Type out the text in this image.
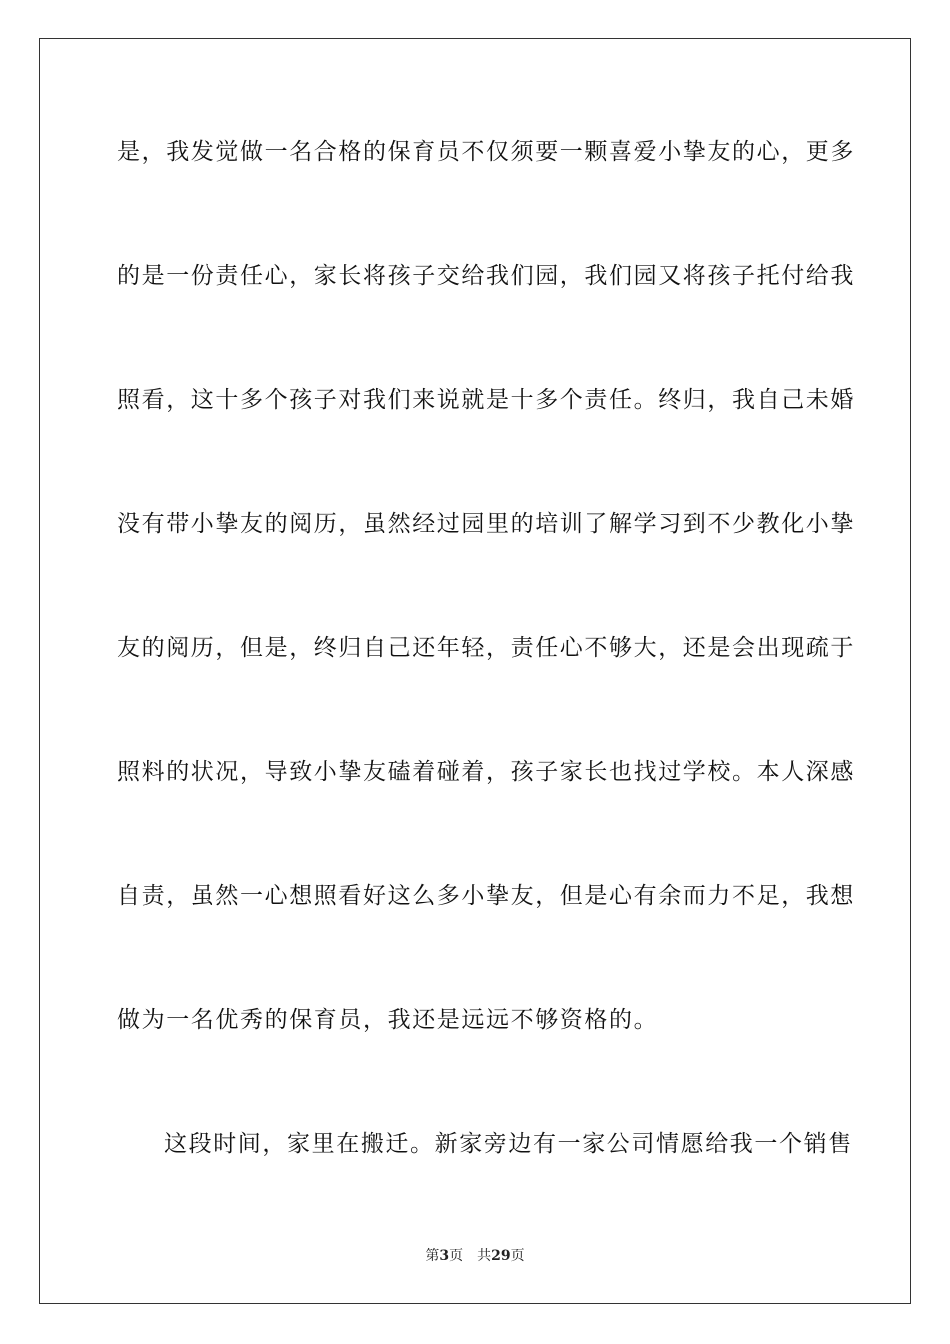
是，我发觉做一名合格的保育员不仅须要一颗喜爱小挚友的心，更多
的是一份责任心，家长将孩子交给我们园，我们园又将孩子托付给我
照看，这十多个孩子对我们来说就是十多个责任。终归，我自己未婚
没有带小挚友的阅历，虽然经过园里的培训了解学习到不少教化小挚
友的阅历，但是，终归自己还年轻，责任心不够大，还是会出现疏于
照料的状况，导致小挚友磕着碰着，孩子家长也找过学校。本人深感
自责，虽然一心想照看好这么多小挚友，但是心有余而力不足，我想
做为一名优秀的保育员，我还是远远不够资格的。
这段时间，家里在搬迁。新家旁边有一家公司情愿给我一个销售
第3页 共29页
